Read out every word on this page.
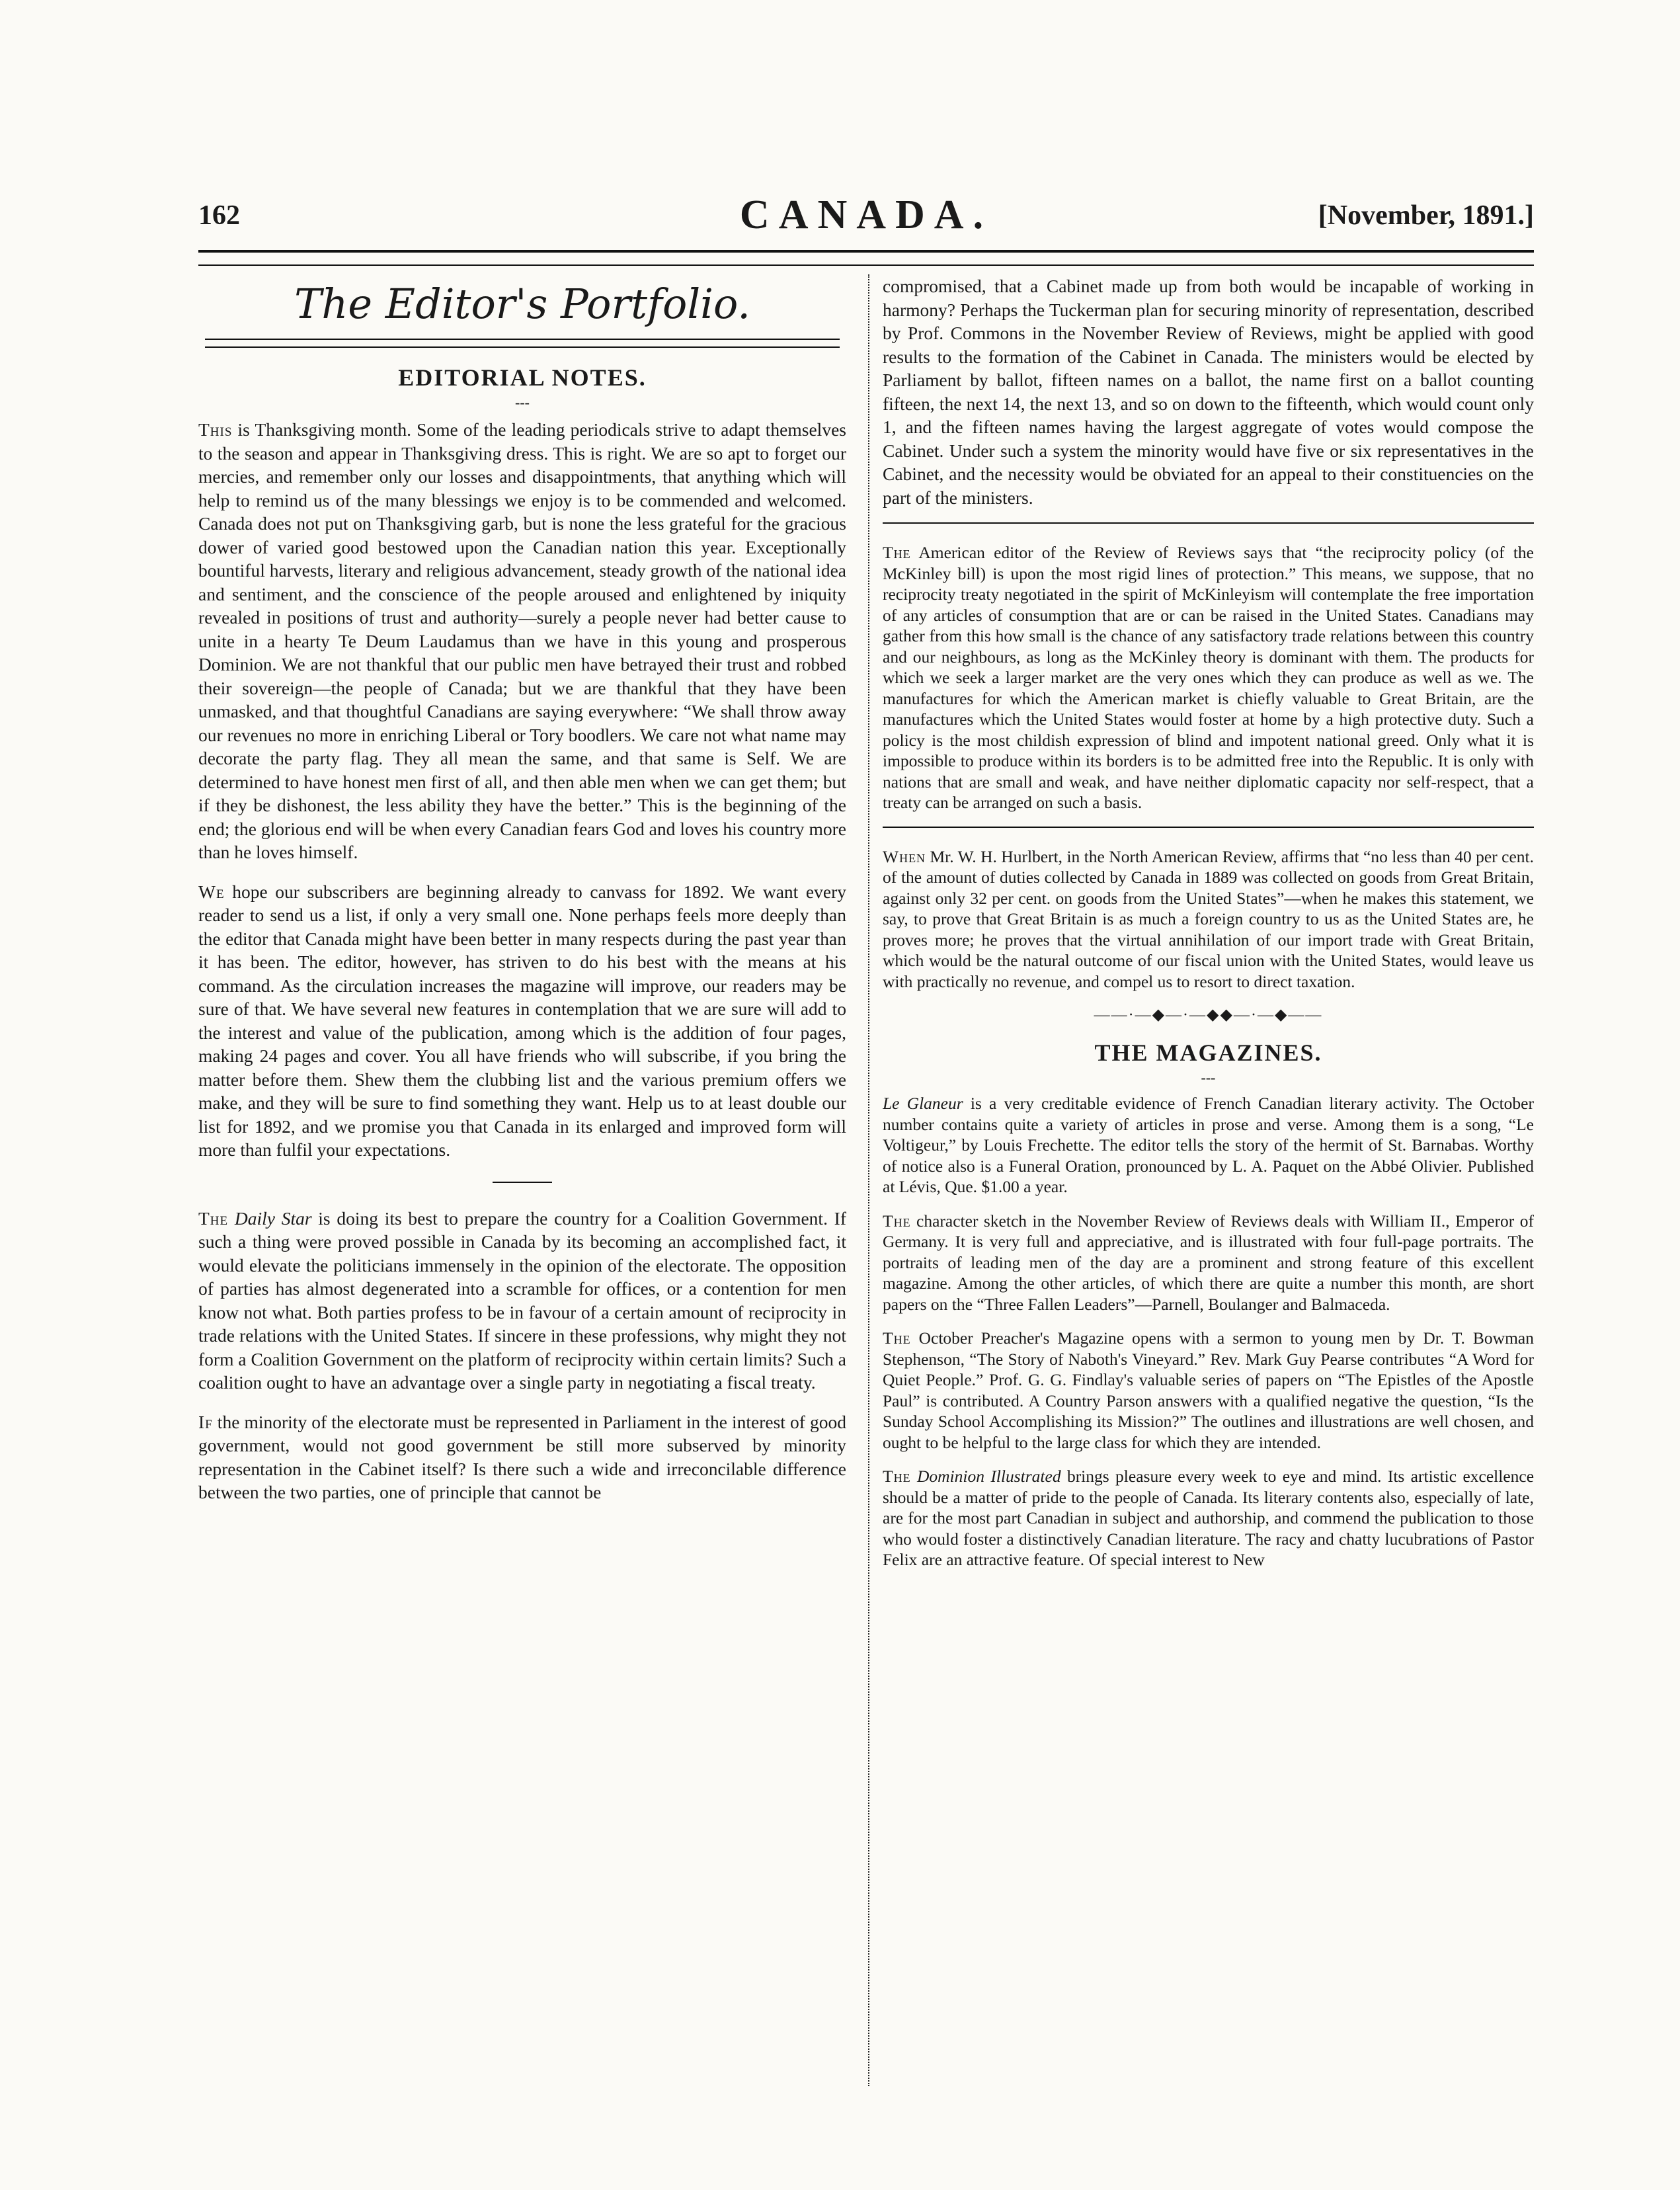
162	CANADA.	[November, 1891.]
The Editor's Portfolio.
EDITORIAL NOTES.
---

This is Thanksgiving month. Some of the leading periodicals strive to adapt themselves to the season and appear in Thanksgiving dress. This is right. We are so apt to forget our mercies, and remember only our losses and disappointments, that anything which will help to remind us of the many blessings we enjoy is to be commended and welcomed. Canada does not put on Thanksgiving garb, but is none the less grateful for the gracious dower of varied good bestowed upon the Canadian nation this year. Exceptionally bountiful harvests, literary and religious advancement, steady growth of the national idea and sentiment, and the conscience of the people aroused and enlightened by iniquity revealed in positions of trust and authority—surely a people never had better cause to unite in a hearty Te Deum Laudamus than we have in this young and prosperous Dominion. We are not thankful that our public men have betrayed their trust and robbed their sovereign—the people of Canada; but we are thankful that they have been unmasked, and that thoughtful Canadians are saying everywhere: “We shall throw away our revenues no more in enriching Liberal or Tory boodlers. We care not what name may decorate the party flag. They all mean the same, and that same is Self. We are determined to have honest men first of all, and then able men when we can get them; but if they be dishonest, the less ability they have the better.” This is the beginning of the end; the glorious end will be when every Canadian fears God and loves his country more than he loves himself.

We hope our subscribers are beginning already to canvass for 1892. We want every reader to send us a list, if only a very small one. None perhaps feels more deeply than the editor that Canada might have been better in many respects during the past year than it has been. The editor, however, has striven to do his best with the means at his command. As the circulation increases the magazine will improve, our readers may be sure of that. We have several new features in contemplation that we are sure will add to the interest and value of the publication, among which is the addition of four pages, making 24 pages and cover. You all have friends who will subscribe, if you bring the matter before them. Shew them the clubbing list and the various premium offers we make, and they will be sure to find something they want. Help us to at least double our list for 1892, and we promise you that Canada in its enlarged and improved form will more than fulfil your expectations.

The Daily Star is doing its best to prepare the country for a Coalition Government. If such a thing were proved possible in Canada by its becoming an accomplished fact, it would elevate the politicians immensely in the opinion of the electorate. The opposition of parties has almost degenerated into a scramble for offices, or a contention for men know not what. Both parties profess to be in favour of a certain amount of reciprocity in trade relations with the United States. If sincere in these professions, why might they not form a Coalition Government on the platform of reciprocity within certain limits? Such a coalition ought to have an advantage over a single party in negotiating a fiscal treaty.

If the minority of the electorate must be represented in Parliament in the interest of good government, would not good government be still more subserved by minority representation in the Cabinet itself? Is there such a wide and irreconcilable difference between the two parties, one of principle that cannot be

compromised, that a Cabinet made up from both would be incapable of working in harmony? Perhaps the Tuckerman plan for securing minority of representation, described by Prof. Commons in the November Review of Reviews, might be applied with good results to the formation of the Cabinet in Canada. The ministers would be elected by Parliament by ballot, fifteen names on a ballot, the name first on a ballot counting fifteen, the next 14, the next 13, and so on down to the fifteenth, which would count only 1, and the fifteen names having the largest aggregate of votes would compose the Cabinet. Under such a system the minority would have five or six representatives in the Cabinet, and the necessity would be obviated for an appeal to their constituencies on the part of the ministers.

The American editor of the Review of Reviews says that “the reciprocity policy (of the McKinley bill) is upon the most rigid lines of protection.” This means, we suppose, that no reciprocity treaty negotiated in the spirit of McKinleyism will contemplate the free importation of any articles of consumption that are or can be raised in the United States. Canadians may gather from this how small is the chance of any satisfactory trade relations between this country and our neighbours, as long as the McKinley theory is dominant with them. The products for which we seek a larger market are the very ones which they can produce as well as we. The manufactures for which the American market is chiefly valuable to Great Britain, are the manufactures which the United States would foster at home by a high protective duty. Such a policy is the most childish expression of blind and impotent national greed. Only what it is impossible to produce within its borders is to be admitted free into the Republic. It is only with nations that are small and weak, and have neither diplomatic capacity nor self-respect, that a treaty can be arranged on such a basis.

When Mr. W. H. Hurlbert, in the North American Review, affirms that “no less than 40 per cent. of the amount of duties collected by Canada in 1889 was collected on goods from Great Britain, against only 32 per cent. on goods from the United States”—when he makes this statement, we say, to prove that Great Britain is as much a foreign country to us as the United States are, he proves more; he proves that the virtual annihilation of our import trade with Great Britain, which would be the natural outcome of our fiscal union with the United States, would leave us with practically no revenue, and compel us to resort to direct taxation.

——·—◆—·—◆◆—·—◆——
THE MAGAZINES.
---

Le Glaneur is a very creditable evidence of French Canadian literary activity. The October number contains quite a variety of articles in prose and verse. Among them is a song, “Le Voltigeur,” by Louis Frechette. The editor tells the story of the hermit of St. Barnabas. Worthy of notice also is a Funeral Oration, pronounced by L. A. Paquet on the Abbé Olivier. Published at Lévis, Que. $1.00 a year.

The character sketch in the November Review of Reviews deals with William II., Emperor of Germany. It is very full and appreciative, and is illustrated with four full-page portraits. The portraits of leading men of the day are a prominent and strong feature of this excellent magazine. Among the other articles, of which there are quite a number this month, are short papers on the “Three Fallen Leaders”—Parnell, Boulanger and Balmaceda.

The October Preacher's Magazine opens with a sermon to young men by Dr. T. Bowman Stephenson, “The Story of Naboth's Vineyard.” Rev. Mark Guy Pearse contributes “A Word for Quiet People.” Prof. G. G. Findlay's valuable series of papers on “The Epistles of the Apostle Paul” is contributed. A Country Parson answers with a qualified negative the question, “Is the Sunday School Accomplishing its Mission?” The outlines and illustrations are well chosen, and ought to be helpful to the large class for which they are intended.

The Dominion Illustrated brings pleasure every week to eye and mind. Its artistic excellence should be a matter of pride to the people of Canada. Its literary contents also, especially of late, are for the most part Canadian in subject and authorship, and commend the publication to those who would foster a distinctively Canadian literature. The racy and chatty lucubrations of Pastor Felix are an attractive feature. Of special interest to New
